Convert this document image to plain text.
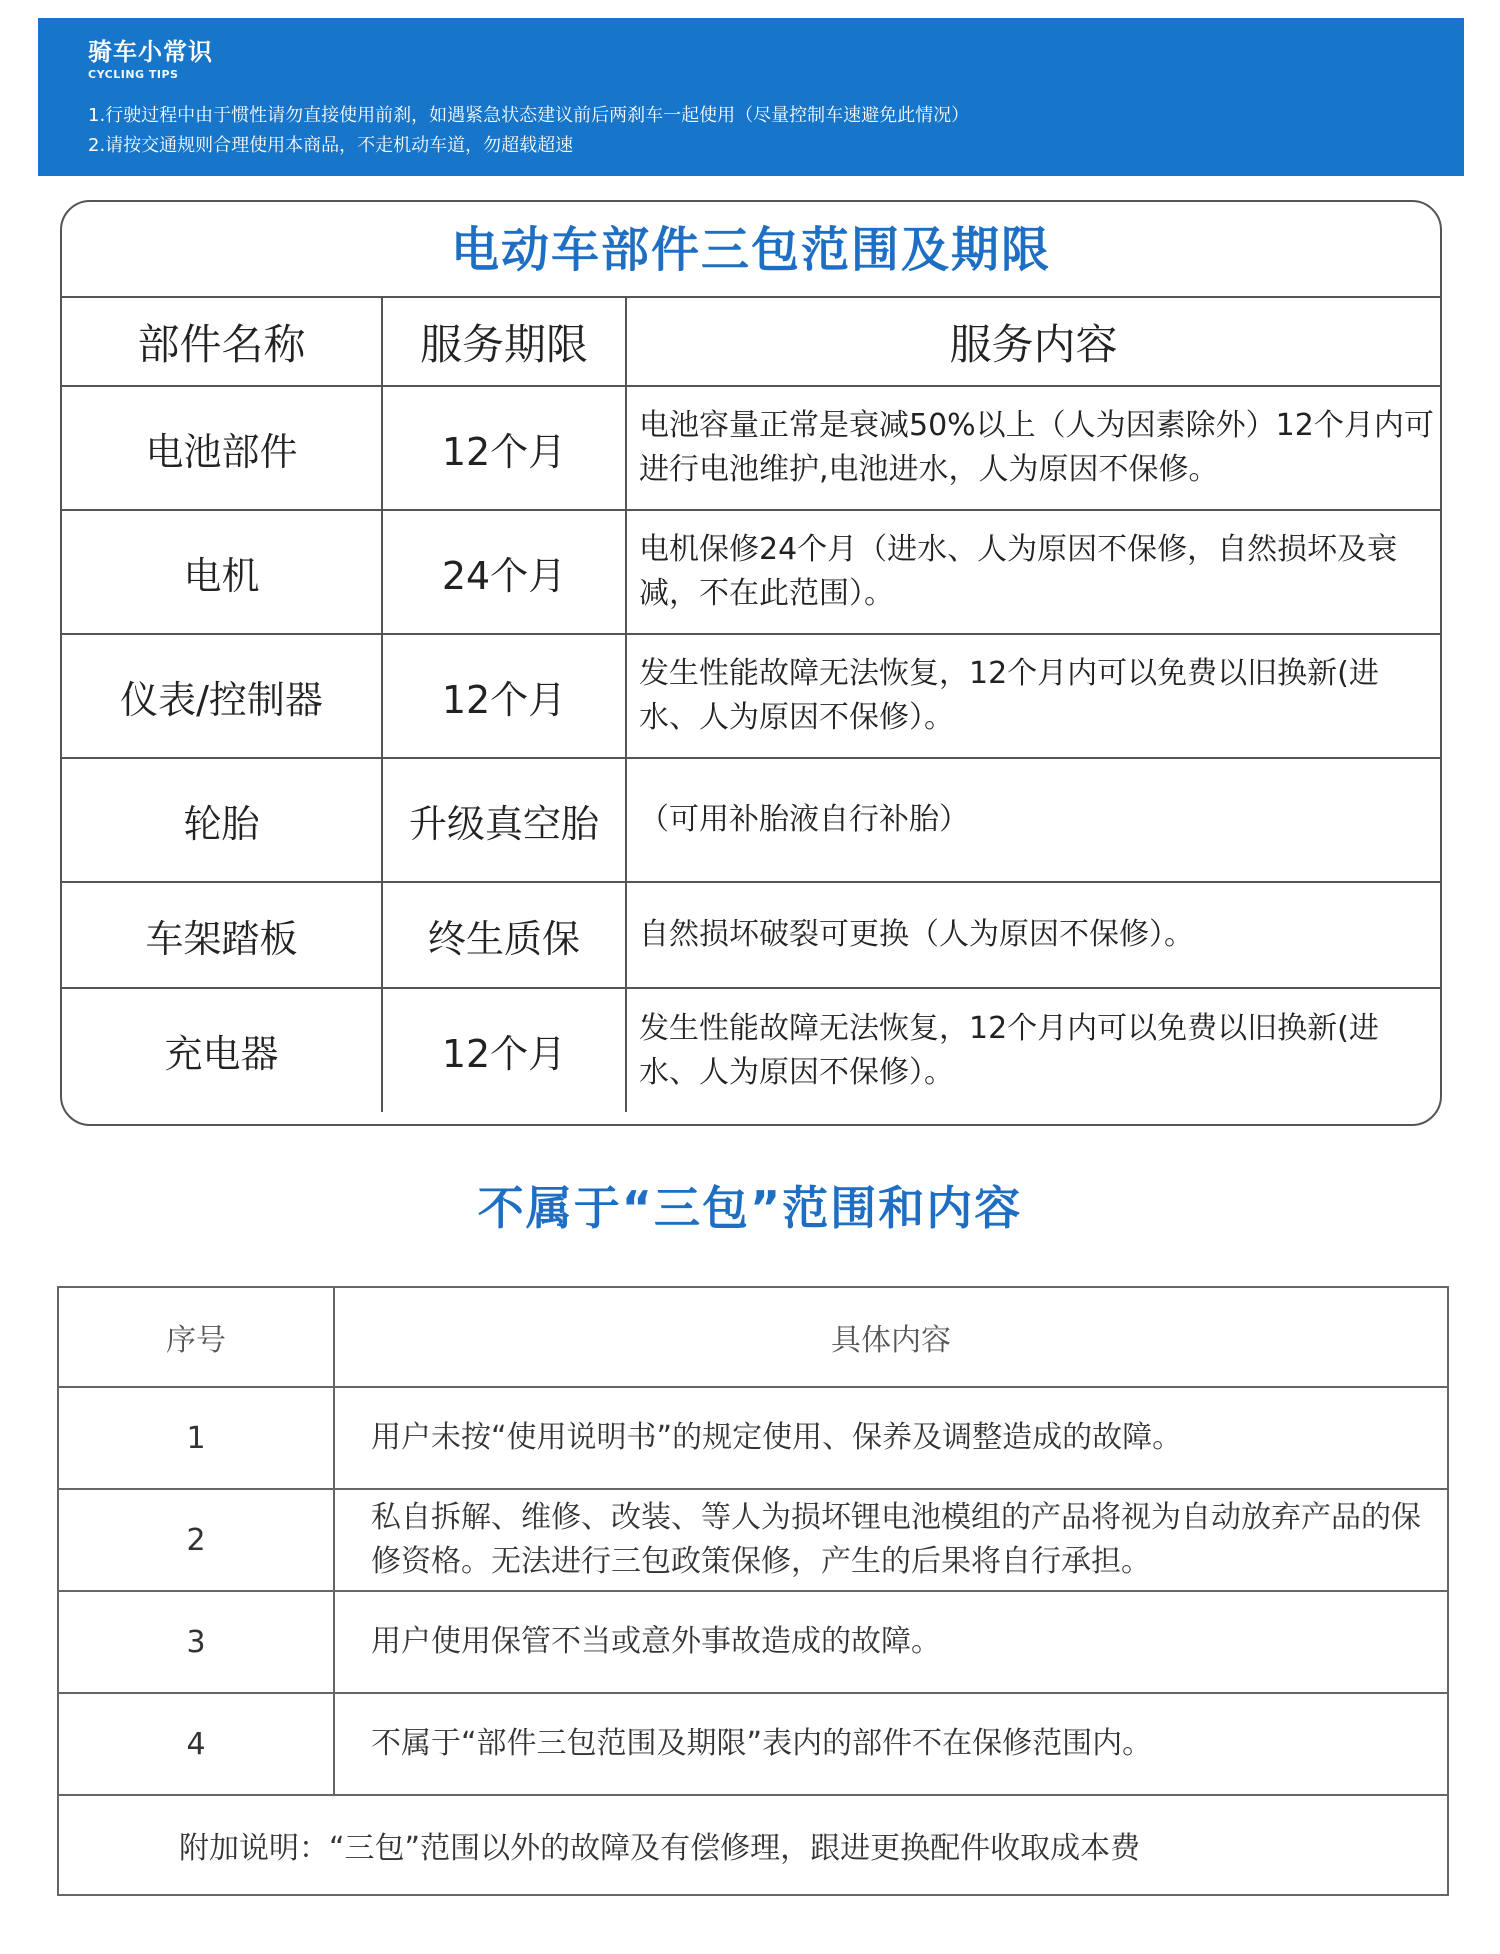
骑车小常识
CYCLING TIPS
1.行驶过程中由于惯性请勿直接使用前刹，如遇紧急状态建议前后两刹车一起使用（尽量控制车速避免此情况）
2.请按交通规则合理使用本商品，不走机动车道，勿超载超速
电动车部件三包范围及期限
部件名称	服务期限	服务内容
电池部件	12个月	电池容量正常是衰减50%以上（人为因素除外）12个月内可进行电池维护,电池进水，人为原因不保修。
电机	24个月	电机保修24个月（进水、人为原因不保修，自然损坏及衰减，不在此范围）。
仪表/控制器	12个月	发生性能故障无法恢复，12个月内可以免费以旧换新(进水、人为原因不保修）。
轮胎	升级真空胎	（可用补胎液自行补胎）
车架踏板	终生质保	自然损坏破裂可更换（人为原因不保修）。
充电器	12个月	发生性能故障无法恢复，12个月内可以免费以旧换新(进水、人为原因不保修）。
不属于“三包”范围和内容
序号	具体内容
1	用户未按“使用说明书”的规定使用、保养及调整造成的故障。
2	私自拆解、维修、改装、等人为损坏锂电池模组的产品将视为自动放弃产品的保修资格。无法进行三包政策保修，产生的后果将自行承担。
3	用户使用保管不当或意外事故造成的故障。
4	不属于“部件三包范围及期限”表内的部件不在保修范围内。
附加说明：“三包”范围以外的故障及有偿修理，跟进更换配件收取成本费	
